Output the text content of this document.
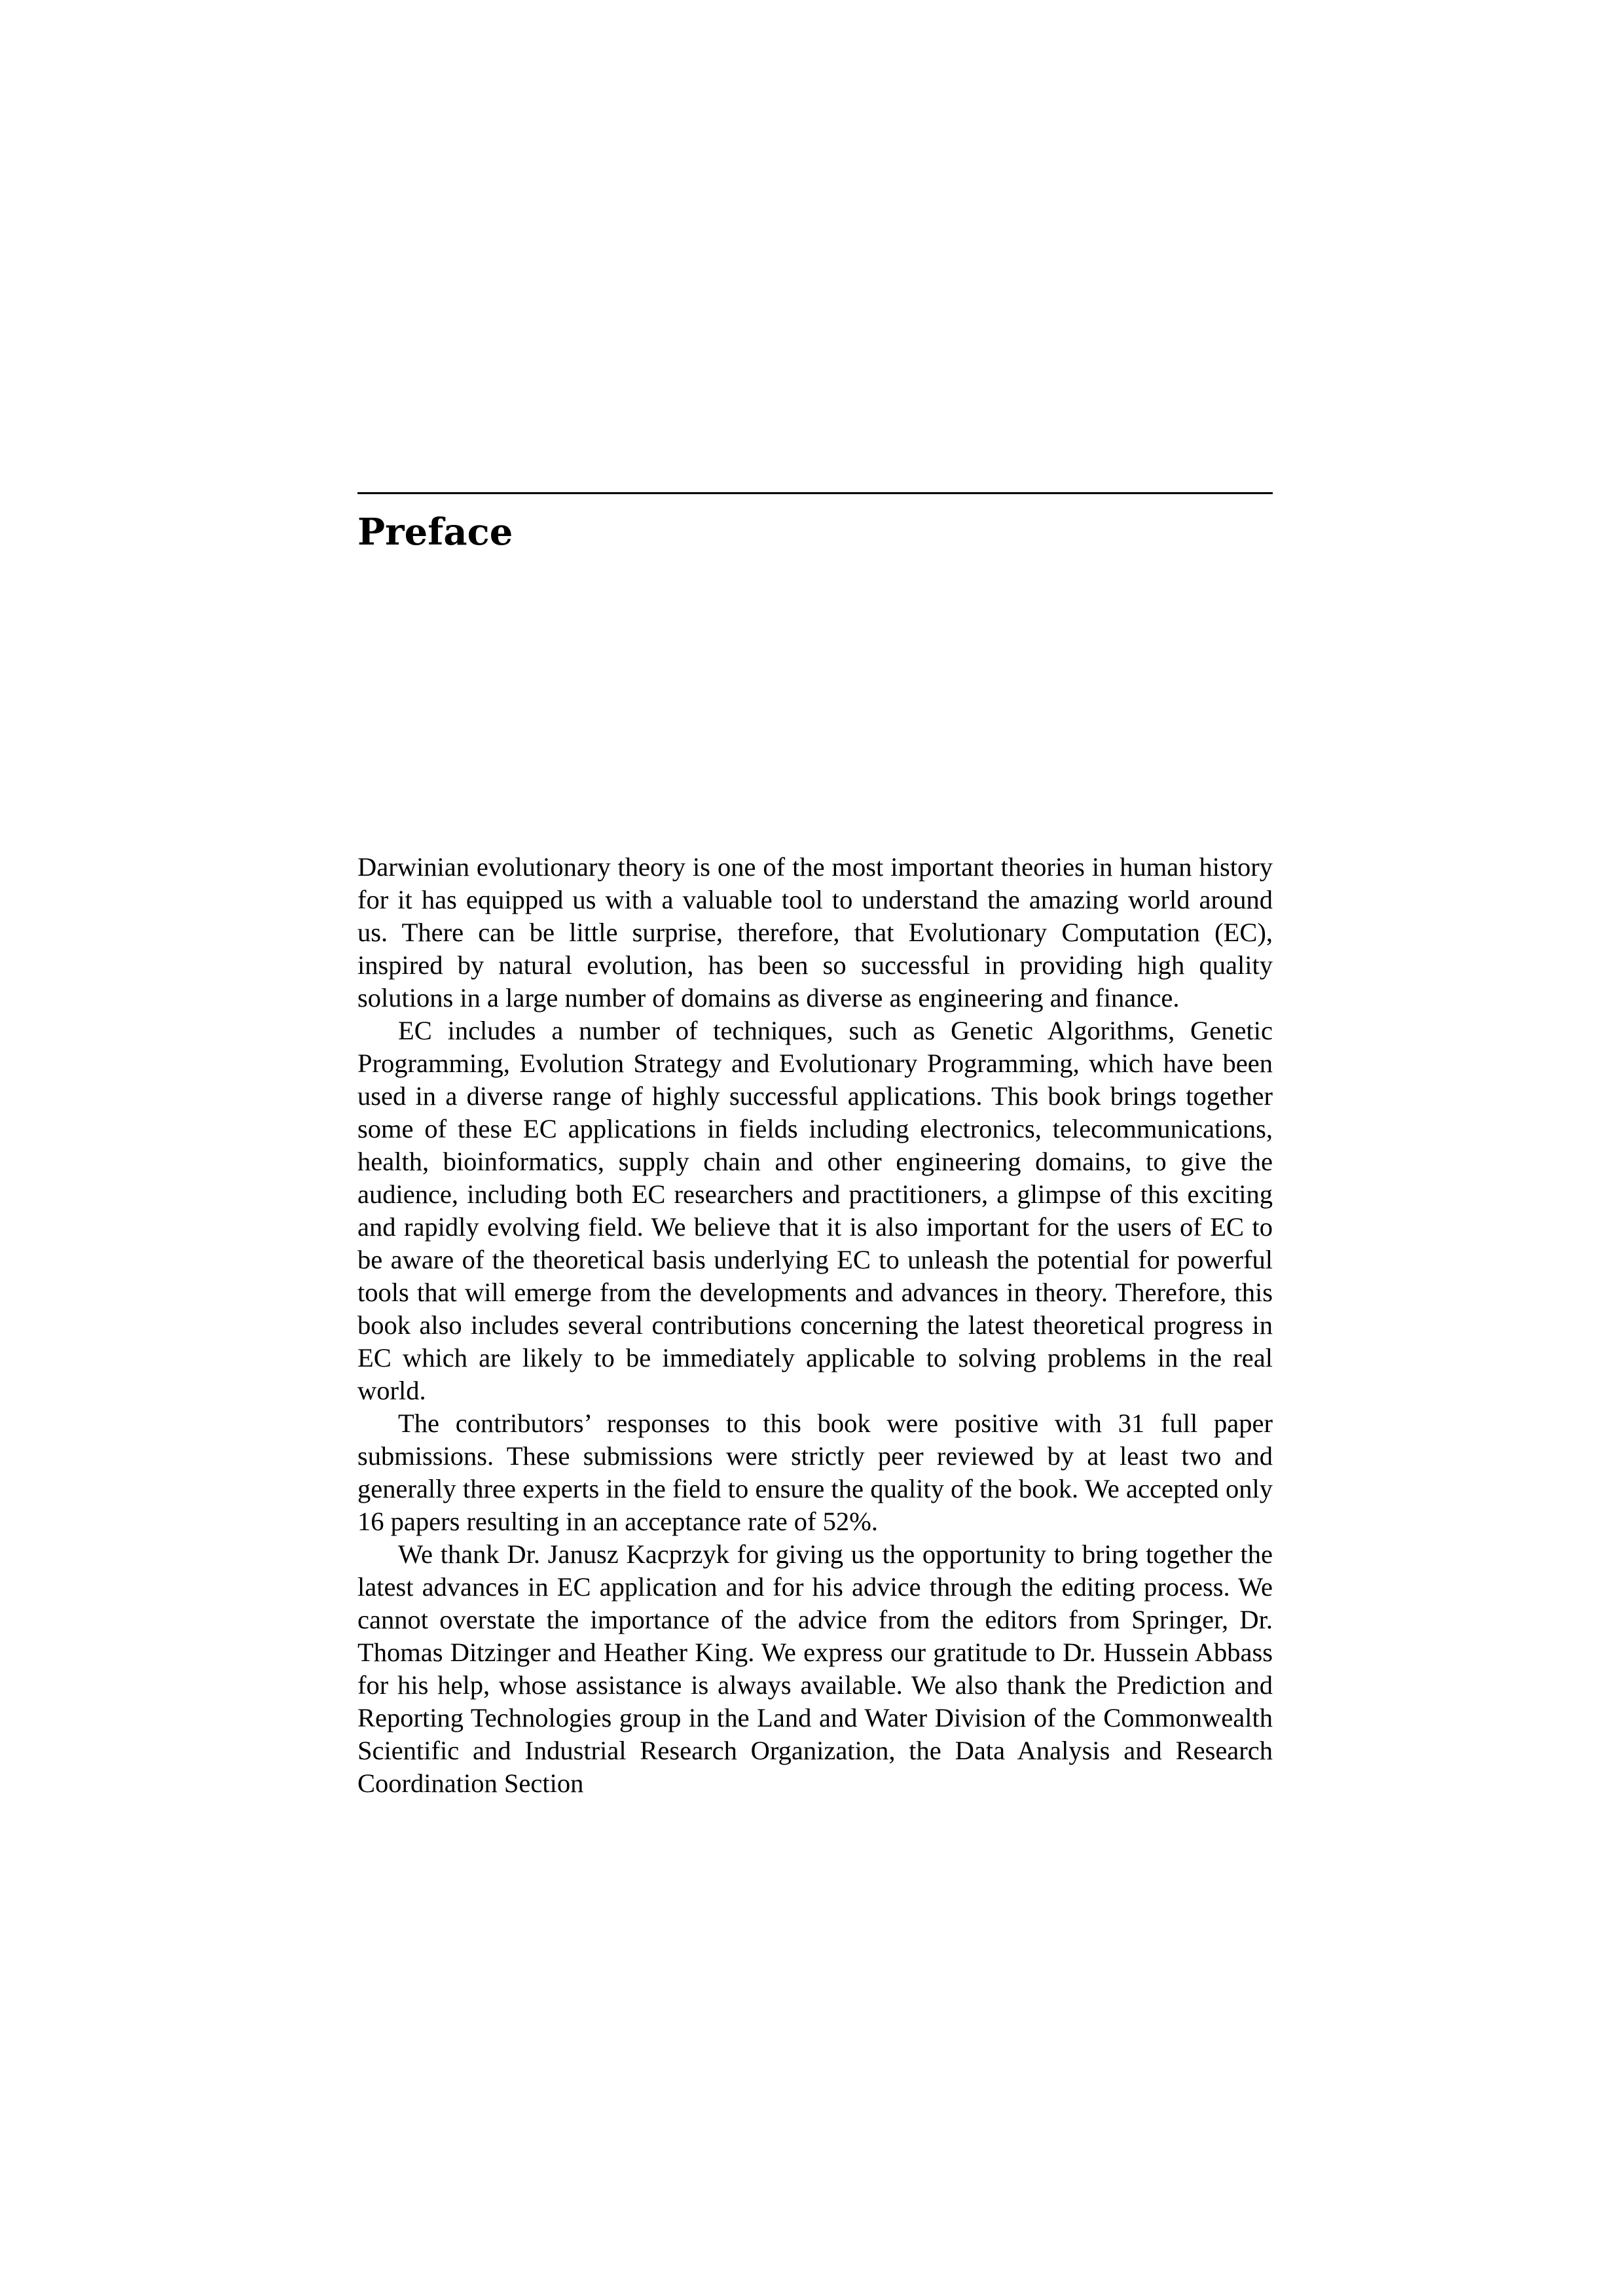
Preface

Darwinian evolutionary theory is one of the most important theories in human history for it has equipped us with a valuable tool to understand the amazing world around us. There can be little surprise, therefore, that Evolutionary Computation (EC), inspired by natural evolution, has been so successful in providing high quality solutions in a large number of domains as diverse as engineering and finance.

EC includes a number of techniques, such as Genetic Algorithms, Genetic Programming, Evolution Strategy and Evolutionary Programming, which have been used in a diverse range of highly successful applications. This book brings together some of these EC applications in fields including electronics, telecommunications, health, bioinformatics, supply chain and other engineering domains, to give the audience, including both EC researchers and practitioners, a glimpse of this exciting and rapidly evolving field. We believe that it is also important for the users of EC to be aware of the theoretical basis underlying EC to unleash the potential for powerful tools that will emerge from the developments and advances in theory. Therefore, this book also includes several contributions concerning the latest theoretical progress in EC which are likely to be immediately applicable to solving problems in the real world.

The contributors’ responses to this book were positive with 31 full paper submissions. These submissions were strictly peer reviewed by at least two and generally three experts in the field to ensure the quality of the book. We accepted only 16 papers resulting in an acceptance rate of 52%.

We thank Dr. Janusz Kacprzyk for giving us the opportunity to bring together the latest advances in EC application and for his advice through the editing process. We cannot overstate the importance of the advice from the editors from Springer, Dr. Thomas Ditzinger and Heather King. We express our gratitude to Dr. Hussein Abbass for his help, whose assistance is always available. We also thank the Prediction and Reporting Technologies group in the Land and Water Division of the Commonwealth Scientific and Industrial Research Organization, the Data Analysis and Research Coordination Section
